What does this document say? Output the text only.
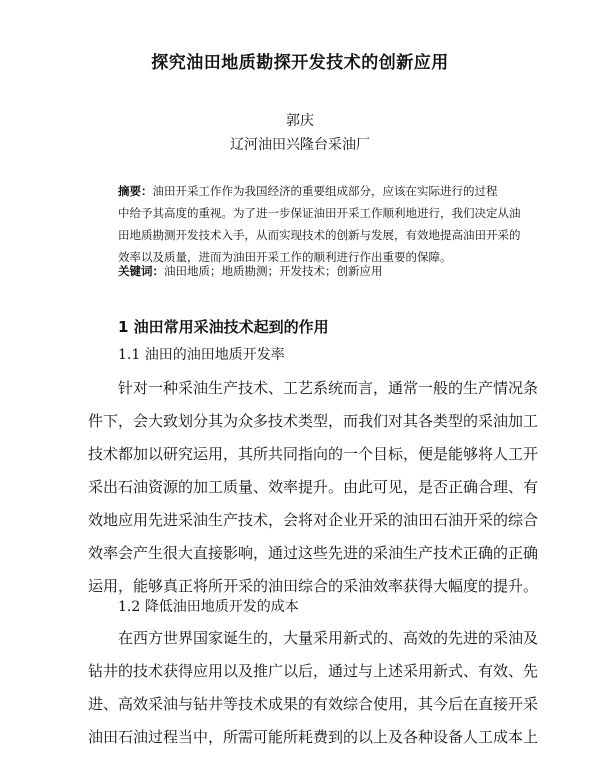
探究油田地质勘探开发技术的创新应用
郭庆
辽河油田兴隆台采油厂
摘要：油田开采工作作为我国经济的重要组成部分，应该在实际进行的过程
中给予其高度的重视。为了进一步保证油田开采工作顺利地进行，我们决定从油
田地质勘测开发技术入手，从而实现技术的创新与发展，有效地提高油田开采的
效率以及质量，进而为油田开采工作的顺利进行作出重要的保障。
关键词：油田地质；地质勘测；开发技术；创新应用
1 油田常用采油技术起到的作用
1.1 油田的油田地质开发率
针对一种采油生产技术、工艺系统而言，通常一般的生产情况条
件下，会大致划分其为众多技术类型，而我们对其各类型的采油加工
技术都加以研究运用，其所共同指向的一个目标，便是能够将人工开
采出石油资源的加工质量、效率提升。由此可见，是否正确合理、有
效地应用先进采油生产技术，会将对企业开采的油田石油开采的综合
效率会产生很大直接影响，通过这些先进的采油生产技术正确的正确
运用，能够真正将所开采的油田综合的采油效率获得大幅度的提升。
1.2 降低油田地质开发的成本
在西方世界国家诞生的，大量采用新式的、高效的先进的采油及
钻井的技术获得应用以及推广以后，通过与上述采用新式、有效、先
进、高效采油与钻井等技术成果的有效综合使用，其今后在直接开采
油田石油过程当中，所需可能所耗费到的以上及各种设备人工成本上
